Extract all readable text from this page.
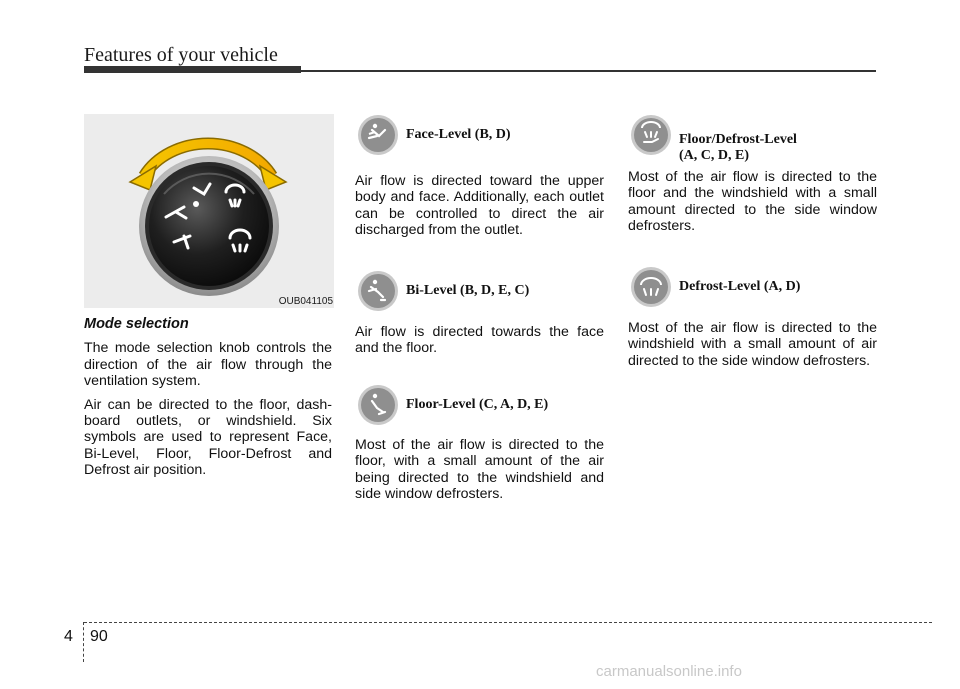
Features of your vehicle
OUB041105
Mode selection

The mode selection knob controls the direction of the air flow through the ventilation system.

Air can be directed to the floor, dash-board outlets, or windshield. Six symbols are used to represent Face, Bi-Level, Floor, Floor-Defrost and Defrost air position.

Face-Level (B, D)

Air flow is directed toward the upper body and face. Additionally, each outlet can be controlled to direct the air discharged from the outlet.

Bi-Level (B, D, E, C)

Air flow is directed towards the face and the floor.

Floor-Level (C, A, D, E)

Most of the air flow is directed to the floor, with a small amount of the air being directed to the windshield and side window defrosters.

Floor/Defrost-Level
(A, C, D, E)

Most of the air flow is directed to the floor and the windshield with a small amount directed to the side window defrosters.

Defrost-Level (A, D)

Most of the air flow is directed to the windshield with a small amount of air directed to the side window defrosters.

4 90
carmanualsonline.info
